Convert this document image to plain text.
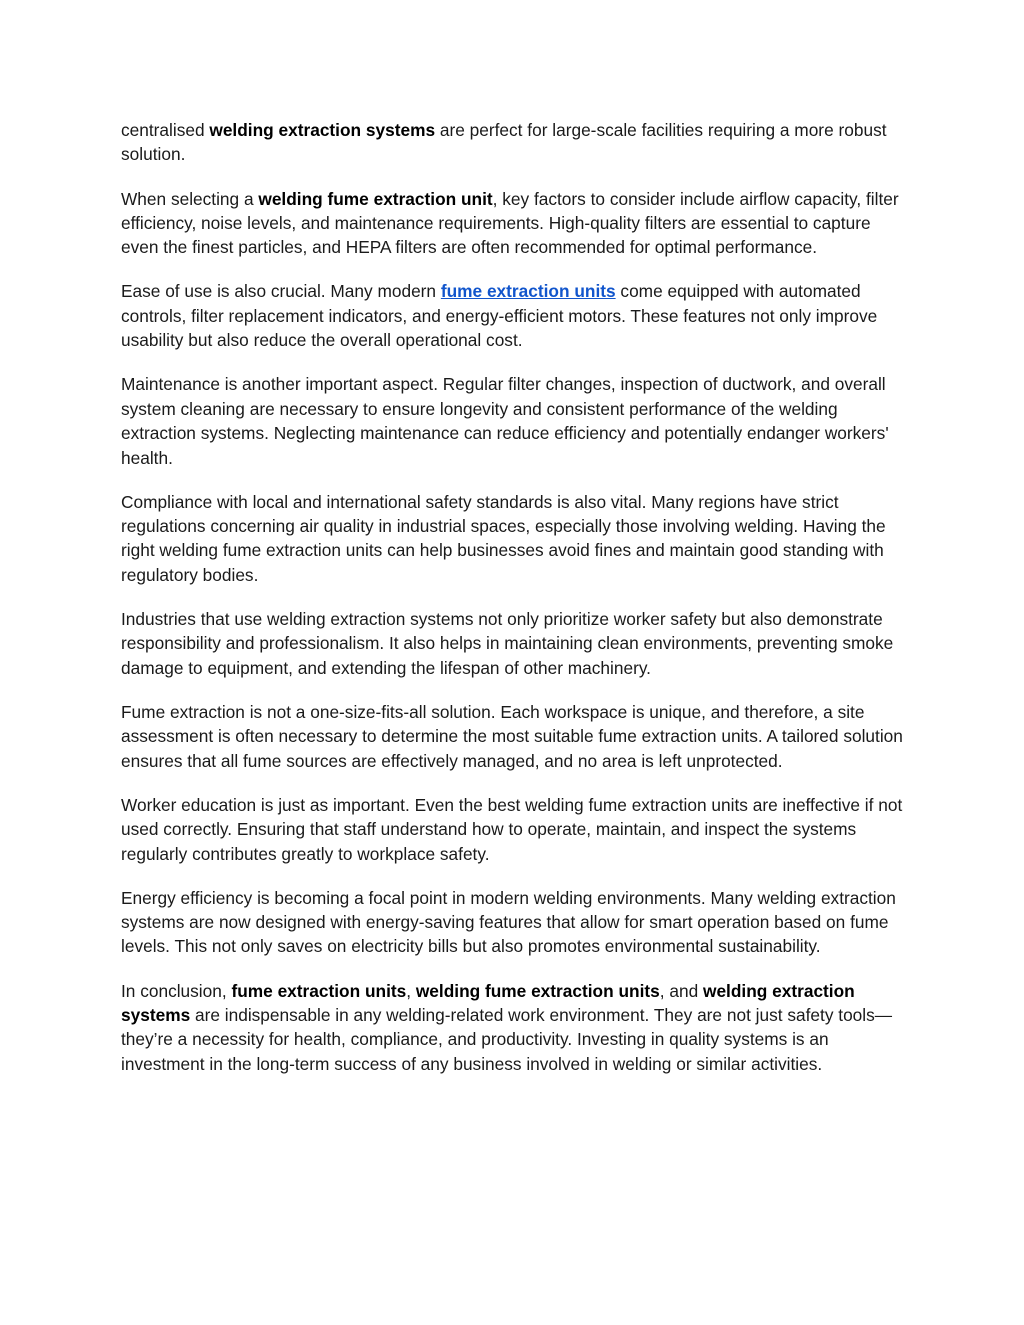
centralised welding extraction systems are perfect for large-scale facilities requiring a more robust solution.

When selecting a welding fume extraction unit, key factors to consider include airflow capacity, filter efficiency, noise levels, and maintenance requirements. High-quality filters are essential to capture even the finest particles, and HEPA filters are often recommended for optimal performance.

Ease of use is also crucial. Many modern fume extraction units come equipped with automated controls, filter replacement indicators, and energy-efficient motors. These features not only improve usability but also reduce the overall operational cost.

Maintenance is another important aspect. Regular filter changes, inspection of ductwork, and overall system cleaning are necessary to ensure longevity and consistent performance of the welding extraction systems. Neglecting maintenance can reduce efficiency and potentially endanger workers' health.

Compliance with local and international safety standards is also vital. Many regions have strict regulations concerning air quality in industrial spaces, especially those involving welding. Having the right welding fume extraction units can help businesses avoid fines and maintain good standing with regulatory bodies.

Industries that use welding extraction systems not only prioritize worker safety but also demonstrate responsibility and professionalism. It also helps in maintaining clean environments, preventing smoke damage to equipment, and extending the lifespan of other machinery.

Fume extraction is not a one-size-fits-all solution. Each workspace is unique, and therefore, a site assessment is often necessary to determine the most suitable fume extraction units. A tailored solution ensures that all fume sources are effectively managed, and no area is left unprotected.

Worker education is just as important. Even the best welding fume extraction units are ineffective if not used correctly. Ensuring that staff understand how to operate, maintain, and inspect the systems regularly contributes greatly to workplace safety.

Energy efficiency is becoming a focal point in modern welding environments. Many welding extraction systems are now designed with energy-saving features that allow for smart operation based on fume levels. This not only saves on electricity bills but also promotes environmental sustainability.

In conclusion, fume extraction units, welding fume extraction units, and welding extraction systems are indispensable in any welding-related work environment. They are not just safety tools—they’re a necessity for health, compliance, and productivity. Investing in quality systems is an investment in the long-term success of any business involved in welding or similar activities.
